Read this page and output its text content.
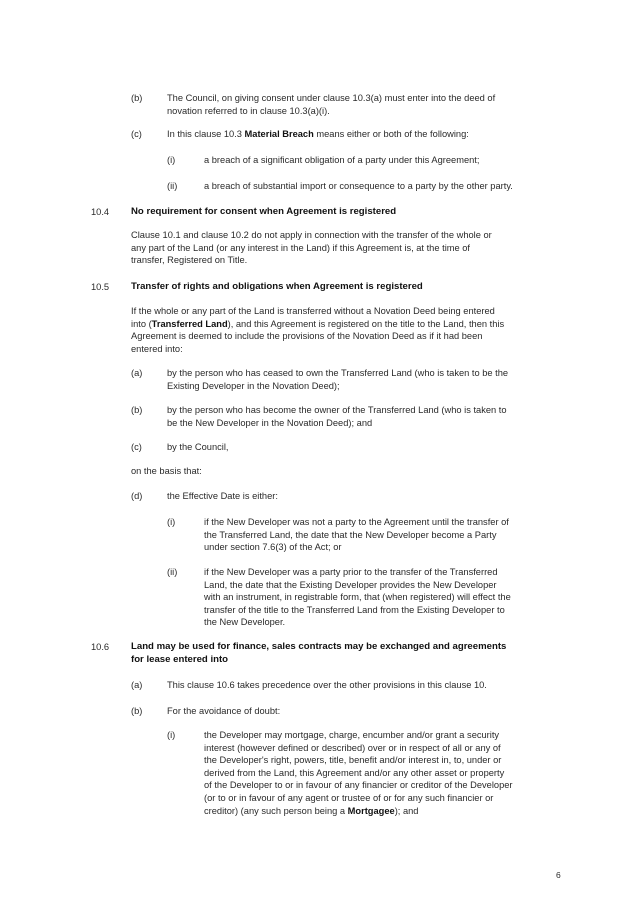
(b)	The Council, on giving consent under clause 10.3(a) must enter into the deed of
novation referred to in clause 10.3(a)(i).
(c)	In this clause 10.3 Material Breach means either or both of the following:
(i)	a breach of a significant obligation of a party under this Agreement;
(ii)	a breach of substantial import or consequence to a party by the other party.
10.4 No requirement for consent when Agreement is registered
Clause 10.1 and clause 10.2 do not apply in connection with the transfer of the whole or
any part of the Land (or any interest in the Land) if this Agreement is, at the time of
transfer, Registered on Title.
10.5 Transfer of rights and obligations when Agreement is registered
If the whole or any part of the Land is transferred without a Novation Deed being entered
into (Transferred Land), and this Agreement is registered on the title to the Land, then this
Agreement is deemed to include the provisions of the Novation Deed as if it had been
entered into:
(a)	by the person who has ceased to own the Transferred Land (who is taken to be the
Existing Developer in the Novation Deed);
(b)	by the person who has become the owner of the Transferred Land (who is taken to
be the New Developer in the Novation Deed); and
(c)	by the Council,
on the basis that:
(d)	the Effective Date is either:
(i)	if the New Developer was not a party to the Agreement until the transfer of
the Transferred Land, the date that the New Developer become a Party
under section 7.6(3) of the Act; or
(ii)	if the New Developer was a party prior to the transfer of the Transferred
Land, the date that the Existing Developer provides the New Developer
with an instrument, in registrable form, that (when registered) will effect the
transfer of the title to the Transferred Land from the Existing Developer to
the New Developer.
10.6 Land may be used for finance, sales contracts may be exchanged and agreements
for lease entered into
(a)	This clause 10.6 takes precedence over the other provisions in this clause 10.
(b)	For the avoidance of doubt:
(i)	the Developer may mortgage, charge, encumber and/or grant a security
interest (however defined or described) over or in respect of all or any of
the Developer's right, powers, title, benefit and/or interest in, to, under or
derived from the Land, this Agreement and/or any other asset or property
of the Developer to or in favour of any financier or creditor of the Developer
(or to or in favour of any agent or trustee of or for any such financier or
creditor) (any such person being a Mortgagee); and
6
